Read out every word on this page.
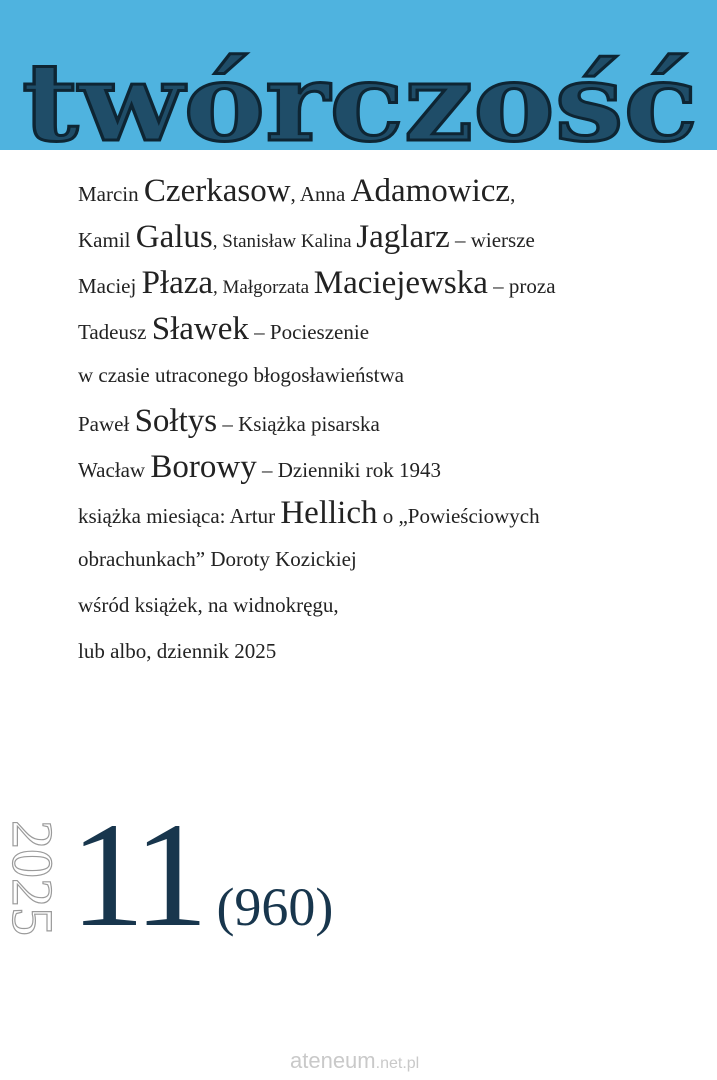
twórczość
Marcin Czerkasow, Anna Adamowicz,
Kamil Galus, Stanisław Kalina Jaglarz – wiersze
Maciej Płaza, Małgorzata Maciejewska – proza
Tadeusz Sławek – Pocieszenie
w czasie utraconego błogosławieństwa
Paweł Sołtys – Książka pisarska
Wacław Borowy – Dzienniki rok 1943
książka miesiąca: Artur Hellich o „Powieściowych
obrachunkach” Doroty Kozickiej
wśród książek, na widnokręgu,
lub albo, dziennik 2025
2025 11 (960)
ateneum.net.pl
